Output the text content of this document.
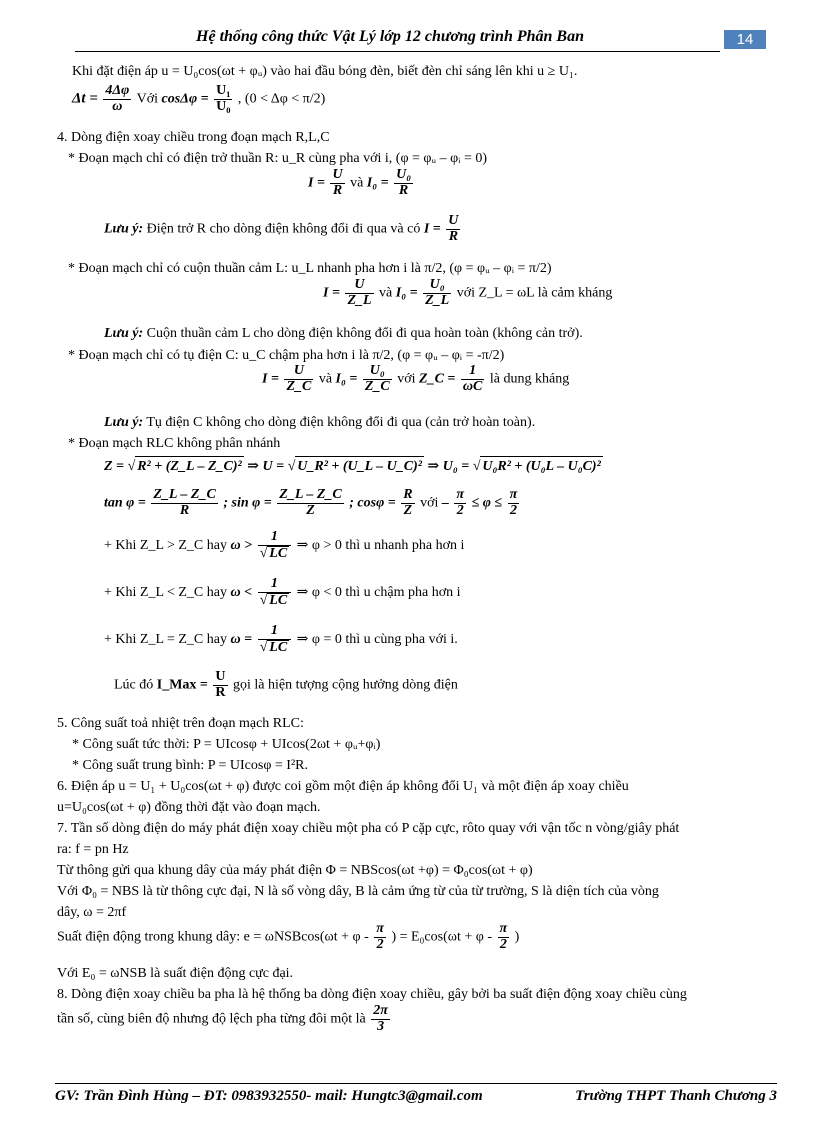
Hệ thống công thức Vật Lý lớp 12 chương trình Phân Ban	14
Khi đặt điện áp u = U₀cos(ωt + φᵤ) vào hai đầu bóng đèn, biết đèn chỉ sáng lên khi u ≥ U₁.
$\Delta t = \frac{4\Delta\varphi}{\omega}$ Với $\cos\Delta\varphi = \frac{\text{U₁}}{\text{U₀}}$ , (0 < Δφ < π/2)
4. Dòng điện xoay chiều trong đoạn mạch R,L,C
* Đoạn mạch chỉ có điện trở thuần R: u_R cùng pha với i, (φ = φᵤ – φᵢ = 0)
$I = \frac{U}{R}$ và $I_0 = \frac{\text{U₀}}{R}$
Lưu ý: Điện trở R cho dòng điện không đổi đi qua và có $I = \frac{U}{R}$
* Đoạn mạch chỉ có cuộn thuần cảm L: u_L nhanh pha hơn i là π/2, (φ = φᵤ – φᵢ = π/2)
$I = \frac{U}{Z\_L}$ và $I_0 = \frac{\text{U₀}}{Z\_L}$ với Z_L = ωL là cảm kháng
Lưu ý: Cuộn thuần cảm L cho dòng điện không đổi đi qua hoàn toàn (không cản trở).
* Đoạn mạch chỉ có tụ điện C: u_C chậm pha hơn i là π/2, (φ = φᵤ – φᵢ = -π/2)
$I = \frac{U}{Z\_C}$ và $I_0 = \frac{\text{U₀}}{Z\_C}$ với Z_C = $\frac{1}{\omega C}$ là dung kháng
Lưu ý: Tụ điện C không cho dòng điện không đổi đi qua (cản trở hoàn toàn).
* Đoạn mạch RLC không phân nhánh
Z = √ R² + (Z_L – Z_C)² ⇒ U = √ U_R² + (U_L – U_C)² ⇒ U₀ = √ U₀R² + (U₀L – U₀C)²
$\tan \varphi = \frac{Z\_L - Z\_C}{R}$ ; $\sin \varphi = \frac{Z\_L - Z\_C}{Z}$ ; $\cos\varphi = \frac{R}{Z}$ với – $\frac{\pi}{2} \le \varphi \le \frac{\pi}{2}$
+ Khi Z_L > Z_C hay $\omega > \frac{1}{√ LC}$ ⇒ φ > 0 thì u nhanh pha hơn i
+ Khi Z_L < Z_C hay $\omega < \frac{1}{√ LC}$ ⇒ φ < 0 thì u chậm pha hơn i
+ Khi Z_L = Z_C hay $\omega = \frac{1}{√ LC}$ ⇒ φ = 0 thì u cùng pha với i.
Lúc đó I_Max = $\frac{U}{R}$ gọi là hiện tượng cộng hưởng dòng điện
5. Công suất toả nhiệt trên đoạn mạch RLC:
* Công suất tức thời: P = UIcosφ + UIcos(2ωt + φᵤ+φᵢ)
* Công suất trung bình: P = UIcosφ = I²R.
6. Điện áp u = U₁ + U₀cos(ωt + φ) được coi gồm một điện áp không đổi U₁ và một điện áp xoay chiều
u=U₀cos(ωt + φ) đồng thời đặt vào đoạn mạch.
7. Tần số dòng điện do máy phát điện xoay chiều một pha có P cặp cực, rôto quay với vận tốc n vòng/giây phát
ra: f = pn Hz
Từ thông gửi qua khung dây của máy phát điện Φ = NBScos(ωt +φ) = Φ₀cos(ωt + φ)
Với Φ₀ = NBS là từ thông cực đại, N là số vòng dây, B là cảm ứng từ của từ trường, S là diện tích của vòng
dây, ω = 2πf
Suất điện động trong khung dây: $e = \omega NSBcos(\omega t + \varphi - \frac{\pi}{2}$ ) = $E_0\cos(\omega t + \varphi - \frac{\pi}{2}$ )
Với E₀ = ωNSB là suất điện động cực đại.
8. Dòng điện xoay chiều ba pha là hệ thống ba dòng điện xoay chiều, gây bởi ba suất điện động xoay chiều cùng
tần số, cùng biên độ nhưng độ lệch pha từng đôi một là $\frac{2\pi}{3}$
GV: Trần Đình Hùng – ĐT: 0983932550- mail: Hungtc3@gmail.com	Trường THPT Thanh Chương 3
